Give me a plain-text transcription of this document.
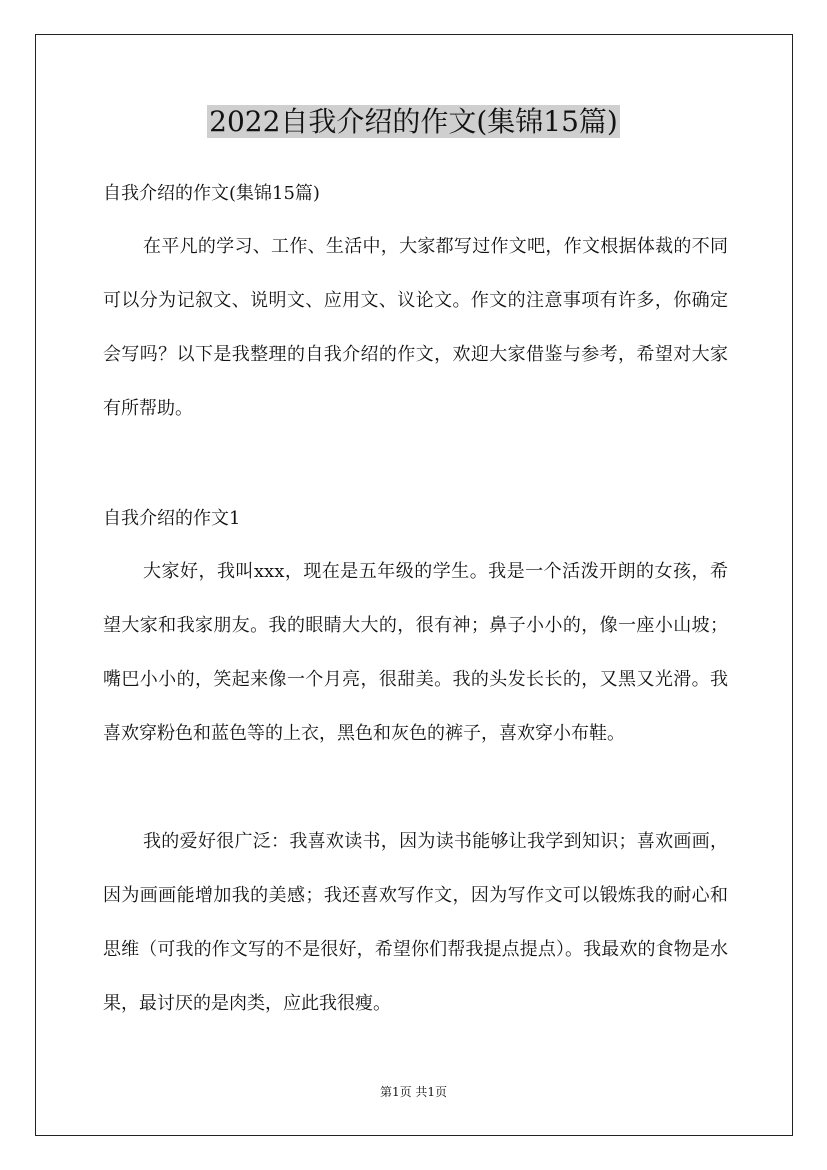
2022自我介绍的作文(集锦15篇)
自我介绍的作文(集锦15篇)

在平凡的学习、工作、生活中，大家都写过作文吧，作文根据体裁的不同可以分为记叙文、说明文、应用文、议论文。作文的注意事项有许多，你确定会写吗？以下是我整理的自我介绍的作文，欢迎大家借鉴与参考，希望对大家有所帮助。

自我介绍的作文1

大家好，我叫xxx，现在是五年级的学生。我是一个活泼开朗的女孩，希望大家和我家朋友。我的眼睛大大的，很有神；鼻子小小的，像一座小山坡；嘴巴小小的，笑起来像一个月亮，很甜美。我的头发长长的，又黑又光滑。我喜欢穿粉色和蓝色等的上衣，黑色和灰色的裤子，喜欢穿小布鞋。

我的爱好很广泛：我喜欢读书，因为读书能够让我学到知识；喜欢画画，因为画画能增加我的美感；我还喜欢写作文，因为写作文可以锻炼我的耐心和思维（可我的作文写的不是很好，希望你们帮我提点提点）。我最欢的食物是水果，最讨厌的是肉类，应此我很瘦。

第1页 共1页
